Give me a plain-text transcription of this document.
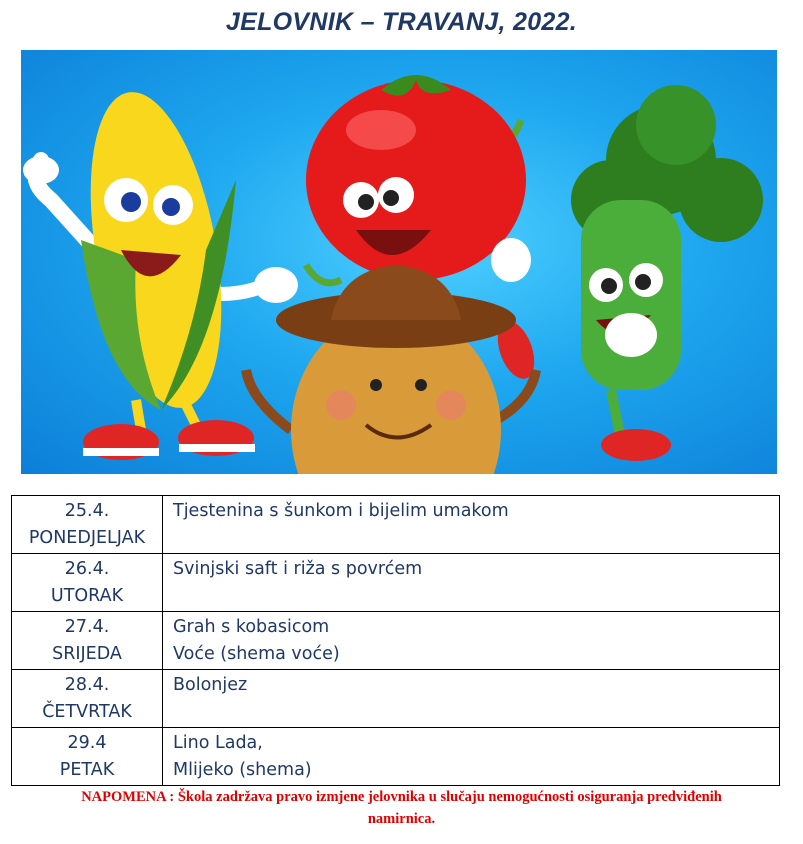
JELOVNIK – TRAVANJ, 2022.
25.4.
PONEDJELJAK	Tjestenina s šunkom i bijelim umakom

26.4.
UTORAK	Svinjski saft i riža s povrćem

27.4.
SRIJEDA	Grah s kobasicom
Voće (shema voće)

28.4.
ČETVRTAK	Bolonjez

29.4
PETAK	Lino Lada,
Mlijeko (shema)
NAPOMENA : Škola zadržava pravo izmjene jelovnika u slučaju nemogućnosti osiguranja predviđenih
namirnica.
